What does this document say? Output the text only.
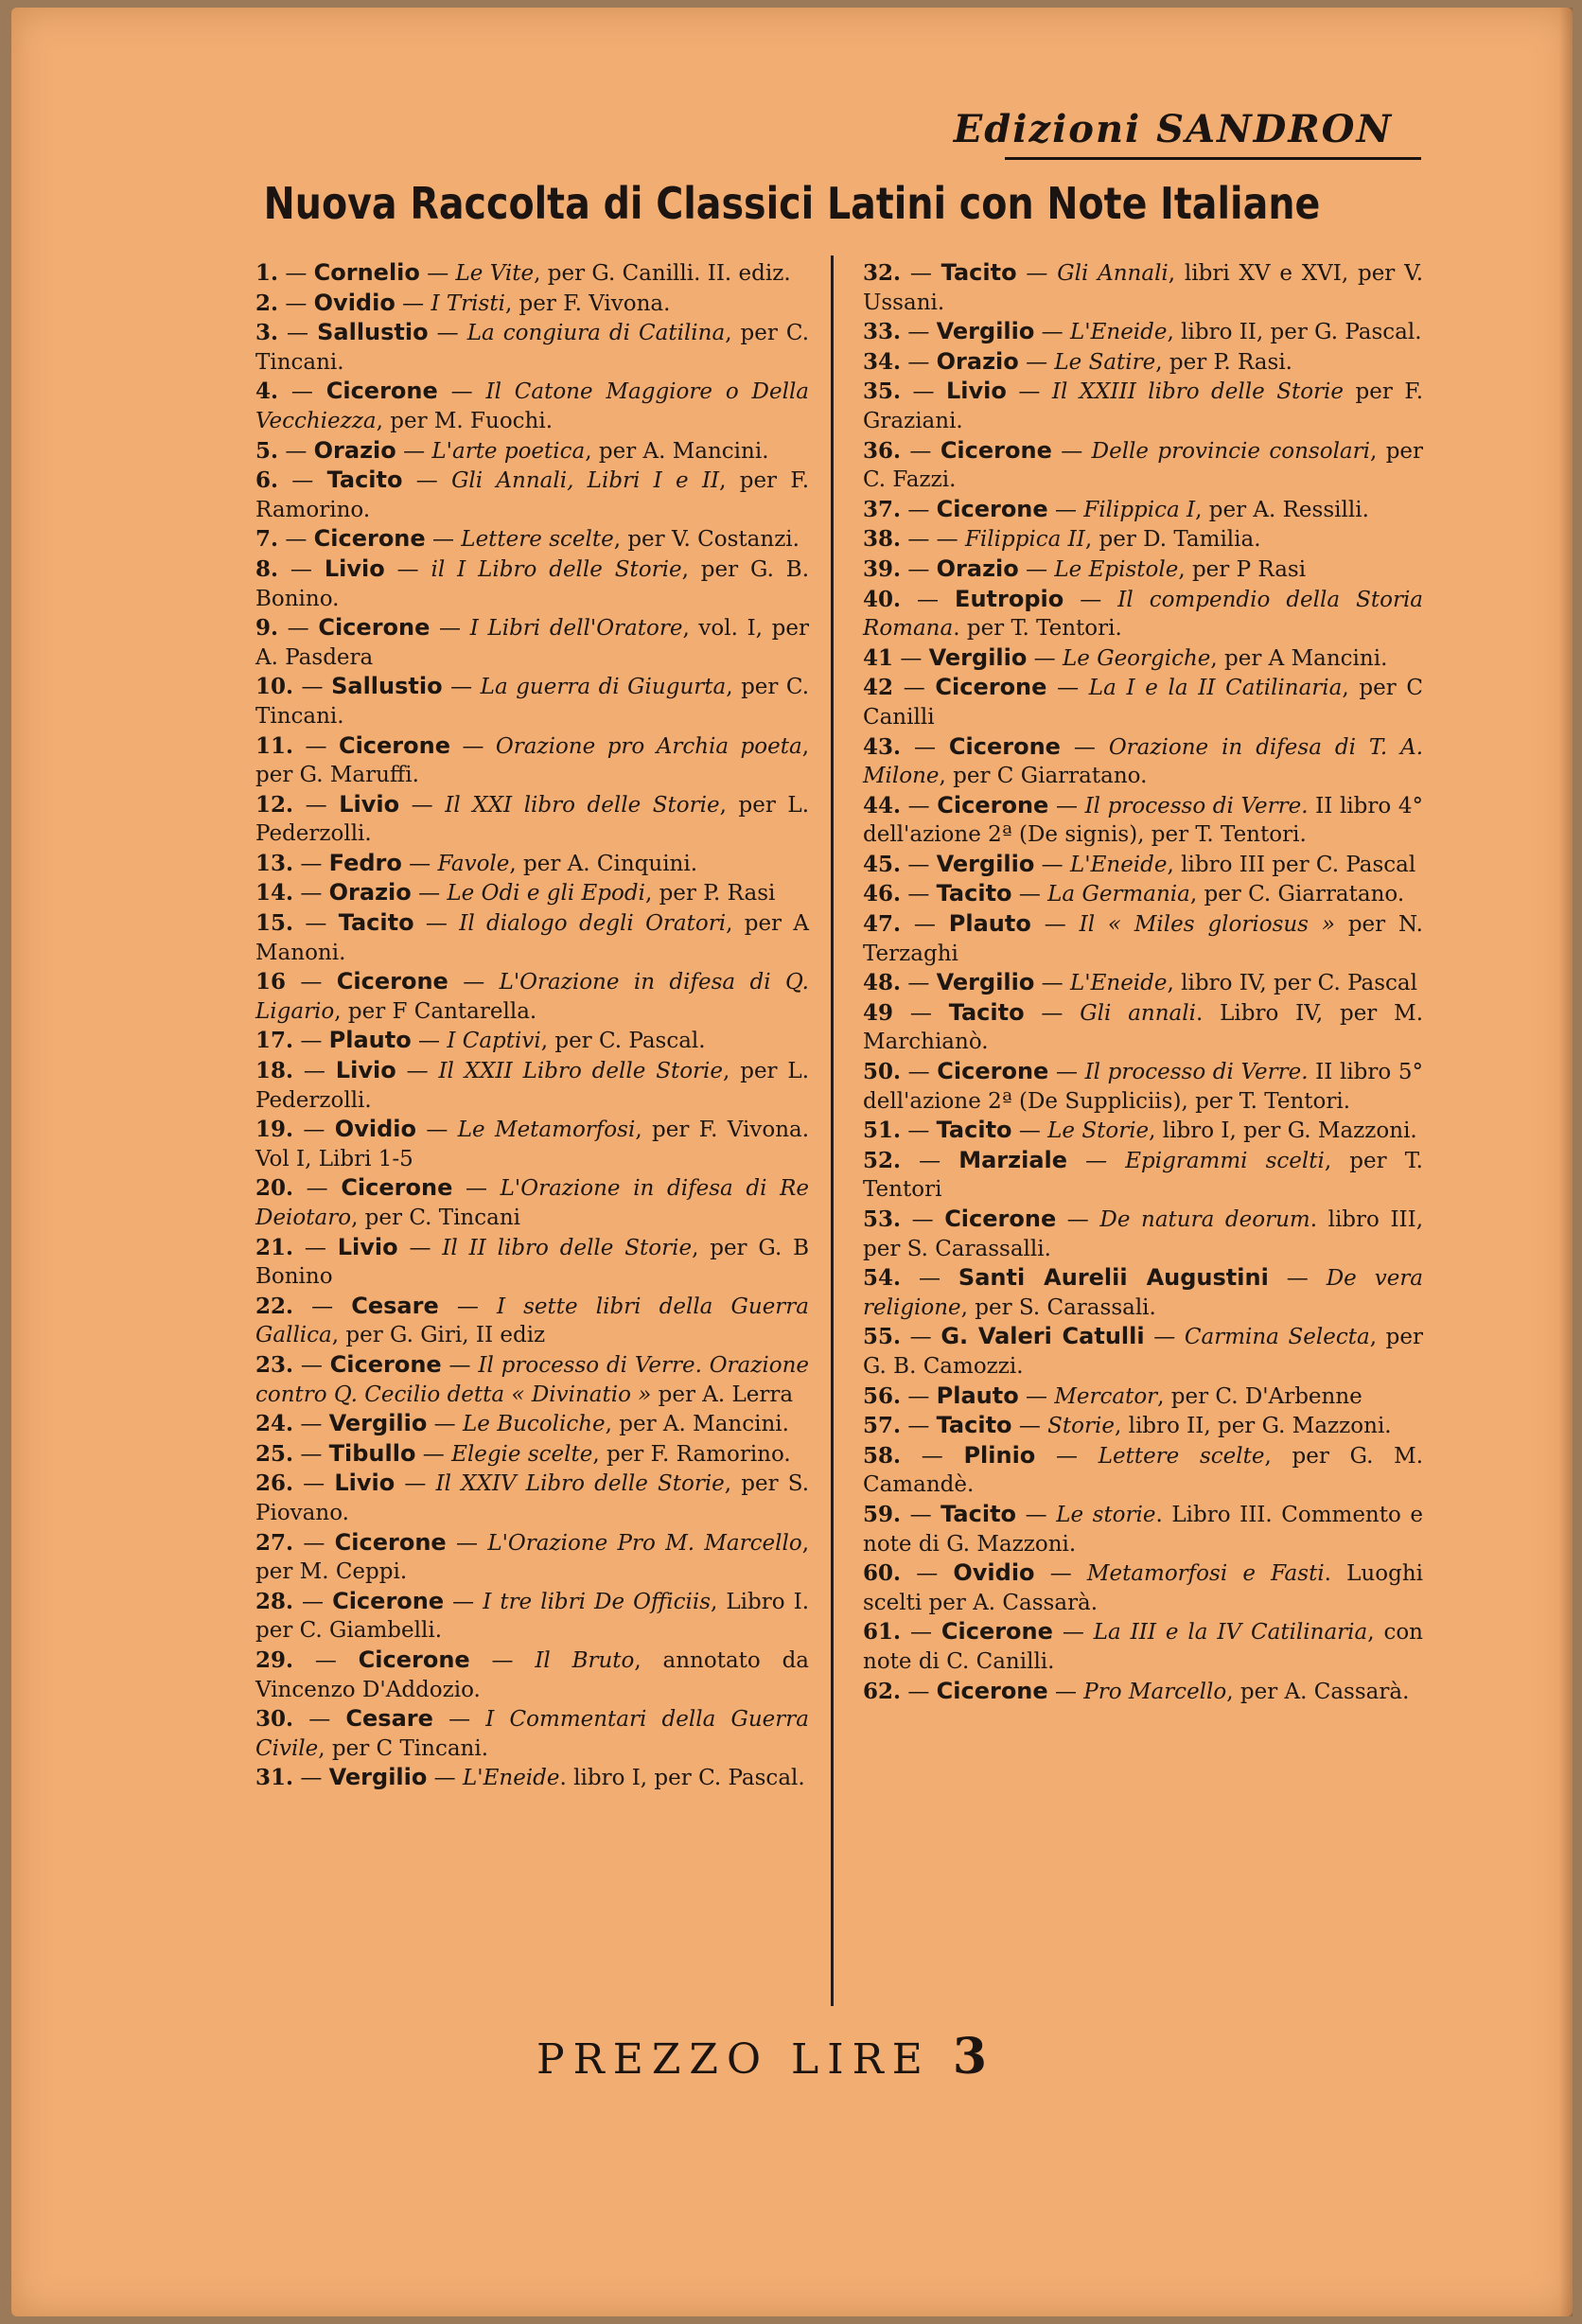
Edizioni SANDRON
Nuova Raccolta di Classici Latini con Note Italiane
1. — Cornelio — Le Vite, per G. Canilli. II. ediz.
2. — Ovidio — I Tristi, per F. Vivona.
3. — Sallustio — La congiura di Catilina, per C. Tincani.
4. — Cicerone — Il Catone Maggiore o Della Vecchiezza, per M. Fuochi.
5. — Orazio — L'arte poetica, per A. Mancini.
6. — Tacito — Gli Annali, Libri I e II, per F. Ramorino.
7. — Cicerone — Lettere scelte, per V. Costanzi.
8. — Livio — il I Libro delle Storie, per G. B. Bonino.
9. — Cicerone — I Libri dell'Oratore, vol. I, per A. Pasdera
10. — Sallustio — La guerra di Giugurta, per C. Tincani.
11. — Cicerone — Orazione pro Archia poeta, per G. Maruffi.
12. — Livio — Il XXI libro delle Storie, per L. Pederzolli.
13. — Fedro — Favole, per A. Cinquini.
14. — Orazio — Le Odi e gli Epodi, per P. Rasi
15. — Tacito — Il dialogo degli Oratori, per A Manoni.
16 — Cicerone — L'Orazione in difesa di Q. Ligario, per F Cantarella.
17. — Plauto — I Captivi, per C. Pascal.
18. — Livio — Il XXII Libro delle Storie, per L. Pederzolli.
19. — Ovidio — Le Metamorfosi, per F. Vivona. Vol I, Libri 1-5
20. — Cicerone — L'Orazione in difesa di Re Deiotaro, per C. Tincani
21. — Livio — Il II libro delle Storie, per G. B Bonino
22. — Cesare — I sette libri della Guerra Gallica, per G. Giri, II ediz
23. — Cicerone — Il processo di Verre. Orazione contro Q. Cecilio detta « Divinatio » per A. Lerra
24. — Vergilio — Le Bucoliche, per A. Mancini.
25. — Tibullo — Elegie scelte, per F. Ramorino.
26. — Livio — Il XXIV Libro delle Storie, per S. Piovano.
27. — Cicerone — L'Orazione Pro M. Marcello, per M. Ceppi.
28. — Cicerone — I tre libri De Officiis, Libro I. per C. Giambelli.
29. — Cicerone — Il Bruto, annotato da Vincenzo D'Addozio.
30. — Cesare — I Commentari della Guerra Civile, per C Tincani.
31. — Vergilio — L'Eneide. libro I, per C. Pascal.
32. — Tacito — Gli Annali, libri XV e XVI, per V. Ussani.
33. — Vergilio — L'Eneide, libro II, per G. Pascal.
34. — Orazio — Le Satire, per P. Rasi.
35. — Livio — Il XXIII libro delle Storie per F. Graziani.
36. — Cicerone — Delle provincie consolari, per C. Fazzi.
37. — Cicerone — Filippica I, per A. Ressilli.
38. — — Filippica II, per D. Tamilia.
39. — Orazio — Le Epistole, per P Rasi
40. — Eutropio — Il compendio della Storia Romana. per T. Tentori.
41 — Vergilio — Le Georgiche, per A Mancini.
42 — Cicerone — La I e la II Catilinaria, per C Canilli
43. — Cicerone — Orazione in difesa di T. A. Milone, per C Giarratano.
44. — Cicerone — Il processo di Verre. II libro 4° dell'azione 2ª (De signis), per T. Tentori.
45. — Vergilio — L'Eneide, libro III per C. Pascal
46. — Tacito — La Germania, per C. Giarratano.
47. — Plauto — Il « Miles gloriosus » per N. Terzaghi
48. — Vergilio — L'Eneide, libro IV, per C. Pascal
49 — Tacito — Gli annali. Libro IV, per M. Marchianò.
50. — Cicerone — Il processo di Verre. II libro 5° dell'azione 2ª (De Suppliciis), per T. Tentori.
51. — Tacito — Le Storie, libro I, per G. Mazzoni.
52. — Marziale — Epigrammi scelti, per T. Tentori
53. — Cicerone — De natura deorum. libro III, per S. Carassalli.
54. — Santi Aurelii Augustini — De vera religione, per S. Carassali.
55. — G. Valeri Catulli — Carmina Selecta, per G. B. Camozzi.
56. — Plauto — Mercator, per C. D'Arbenne
57. — Tacito — Storie, libro II, per G. Mazzoni.
58. — Plinio — Lettere scelte, per G. M. Camandè.
59. — Tacito — Le storie. Libro III. Commento e note di G. Mazzoni.
60. — Ovidio — Metamorfosi e Fasti. Luoghi scelti per A. Cassarà.
61. — Cicerone — La III e la IV Catilinaria, con note di C. Canilli.
62. — Cicerone — Pro Marcello, per A. Cassarà.
PREZZO LIRE 3
